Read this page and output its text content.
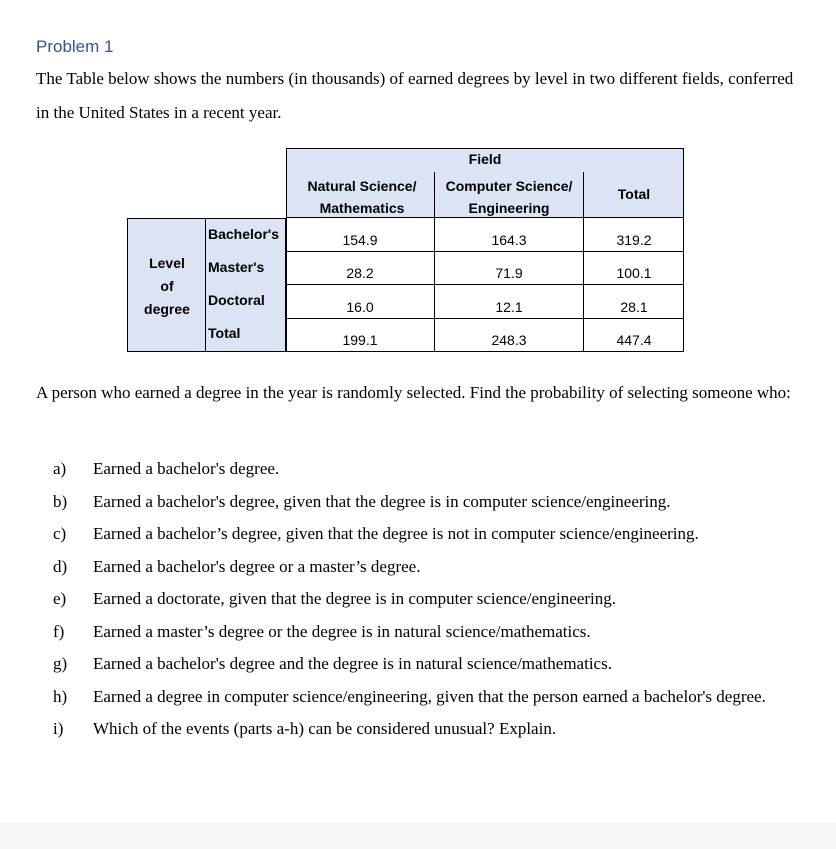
Problem 1
The Table below shows the numbers (in thousands) of earned degrees by level in two different fields, conferred in the United States in a recent year.
Field
Natural Science/
Mathematics
Computer Science/
Engineering
Total
Level
of
degree
Bachelor's	154.9	164.3	319.2
Master's	28.2	71.9	100.1
Doctoral	16.0	12.1	28.1
Total	199.1	248.3	447.4
A person who earned a degree in the year is randomly selected. Find the probability of selecting someone who:
a) Earned a bachelor's degree.
b) Earned a bachelor's degree, given that the degree is in computer science/engineering.
c) Earned a bachelor’s degree, given that the degree is not in computer science/engineering.
d) Earned a bachelor's degree or a master’s degree.
e) Earned a doctorate, given that the degree is in computer science/engineering.
f) Earned a master’s degree or the degree is in natural science/mathematics.
g) Earned a bachelor's degree and the degree is in natural science/mathematics.
h) Earned a degree in computer science/engineering, given that the person earned a bachelor's degree.
i) Which of the events (parts a-h) can be considered unusual? Explain.
